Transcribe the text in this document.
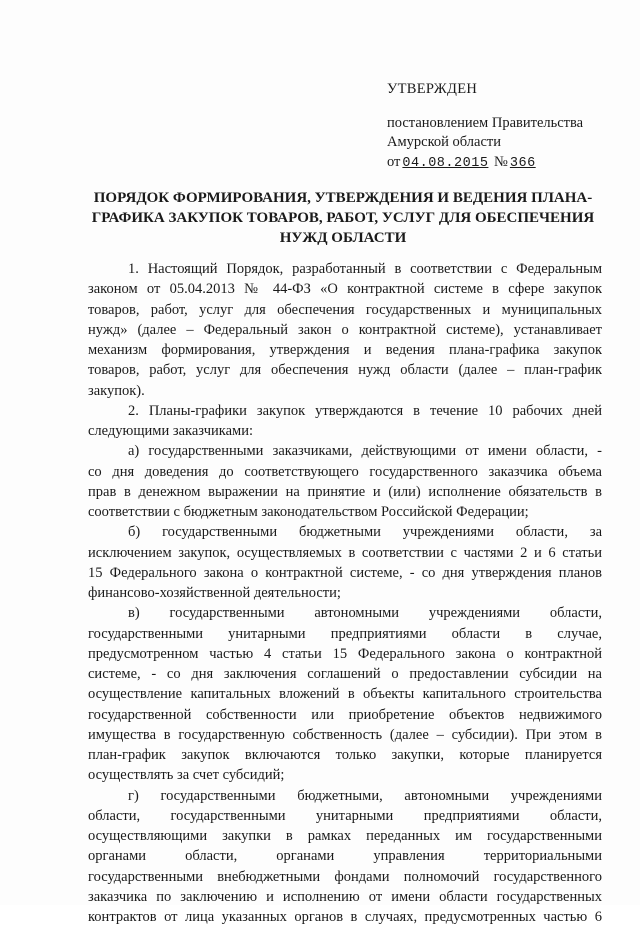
УТВЕРЖДЕН

постановлением Правительства

Амурской области

от 04.08.2015 № 366

ПОРЯДОК ФОРМИРОВАНИЯ, УТВЕРЖДЕНИЯ И ВЕДЕНИЯ ПЛАНА-

ГРАФИКА ЗАКУПОК ТОВАРОВ, РАБОТ, УСЛУГ ДЛЯ ОБЕСПЕЧЕНИЯ

НУЖД ОБЛАСТИ

1. Настоящий Порядок, разработанный в соответствии с Федеральным

законом от 05.04.2013 № 44-ФЗ «О контрактной системе в сфере закупок

товаров, работ, услуг для обеспечения государственных и муниципальных

нужд» (далее – Федеральный закон о контрактной системе), устанавливает

механизм формирования, утверждения и ведения плана-графика закупок

товаров, работ, услуг для обеспечения нужд области (далее – план-график

закупок).

2. Планы-графики закупок утверждаются в течение 10 рабочих дней

следующими заказчиками:

а) государственными заказчиками, действующими от имени области, -

со дня доведения до соответствующего государственного заказчика объема

прав в денежном выражении на принятие и (или) исполнение обязательств в

соответствии с бюджетным законодательством Российской Федерации;

б) государственными бюджетными учреждениями области, за

исключением закупок, осуществляемых в соответствии с частями 2 и 6 статьи

15 Федерального закона о контрактной системе, - со дня утверждения планов

финансово-хозяйственной деятельности;

в) государственными автономными учреждениями области,

государственными унитарными предприятиями области в случае,

предусмотренном частью 4 статьи 15 Федерального закона о контрактной

системе, - со дня заключения соглашений о предоставлении субсидии на

осуществление капитальных вложений в объекты капитального строительства

государственной собственности или приобретение объектов недвижимого

имущества в государственную собственность (далее – субсидии). При этом в

план-график закупок включаются только закупки, которые планируется

осуществлять за счет субсидий;

г) государственными бюджетными, автономными учреждениями

области, государственными унитарными предприятиями области,

осуществляющими закупки в рамках переданных им государственными

органами области, органами управления территориальными

государственными внебюджетными фондами полномочий государственного

заказчика по заключению и исполнению от имени области государственных

контрактов от лица указанных органов в случаях, предусмотренных частью 6
